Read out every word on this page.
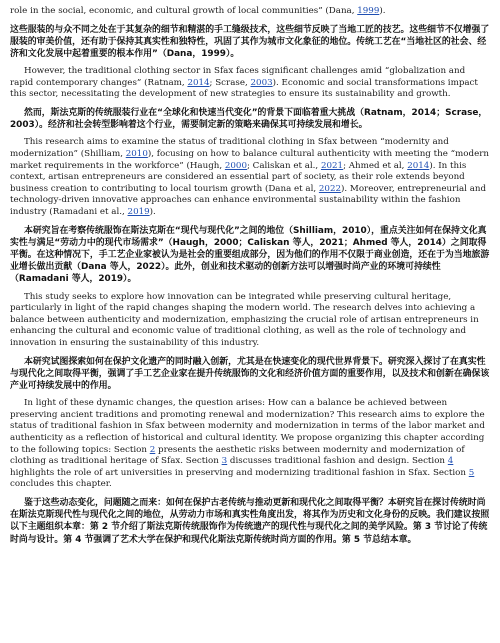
role in the social, economic, and cultural growth of local communities” (Dana, 1999).

这些服装的与众不同之处在于其复杂的细节和精湛的手工缝级技术，这些细节反映了当地工匠的技艺。这些细节不仅增强了服装的审美价值，还有助于保持其真实性和独特性，巩固了其作为城市文化象征的地位。传统工艺在“当地社区的社会、经济和文化发展中起着重要的根本作用”（Dana，1999）。

However, the traditional clothing sector in Sfax faces significant challenges amid “globalization and rapid contemporary changes” (Ratnam, 2014; Scrase, 2003). Economic and social transformations impact this sector, necessitating the development of new strategies to ensure its sustainability and growth.

然而，斯法克斯的传统服装行业在“全球化和快速当代变化”的背景下面临着重大挑战（Ratnam，2014；Scrase，2003）。经济和社会转型影响着这个行业，需要制定新的策略来确保其可持续发展和增长。

This research aims to examine the status of traditional clothing in Sfax between “modernity and modernization” (Shilliam, 2010), focusing on how to balance cultural authenticity with meeting the “modern market requirements in the workforce” (Haugh, 2000; Caliskan et al., 2021; Ahmed et al, 2014). In this context, artisan entrepreneurs are considered an essential part of society, as their role extends beyond business creation to contributing to local tourism growth (Dana et al, 2022). Moreover, entrepreneurial and technology-driven innovative approaches can enhance environmental sustainability within the fashion industry (Ramadani et al., 2019).

本研究旨在考察传统服饰在斯法克斯在“现代与现代化”之间的地位（Shilliam，2010），重点关注如何在保持文化真实性与满足“劳动力中的现代市场需求”（Haugh，2000；Caliskan 等人，2021；Ahmed 等人，2014）之间取得平衡。在这种情况下，手工艺企业家被认为是社会的重要组成部分，因为他们的作用不仅限于商业创造，还在于为当地旅游业增长做出贡献（Dana 等人，2022）。此外，创业和技术驱动的创新方法可以增强时尚产业的环境可持续性（Ramadani 等人，2019）。

This study seeks to explore how innovation can be integrated while preserving cultural heritage, particularly in light of the rapid changes shaping the modern world. The research delves into achieving a balance between authenticity and modernization, emphasizing the crucial role of artisan entrepreneurs in enhancing the cultural and economic value of traditional clothing, as well as the role of technology and innovation in ensuring the sustainability of this industry.

本研究试图探索如何在保护文化遗产的同时融入创新，尤其是在快速变化的现代世界背景下。研究深入探讨了在真实性与现代化之间取得平衡，强调了手工艺企业家在提升传统服饰的文化和经济价值方面的重要作用，以及技术和创新在确保该产业可持续发展中的作用。

In light of these dynamic changes, the question arises: How can a balance be achieved between preserving ancient traditions and promoting renewal and modernization? This research aims to explore the status of traditional fashion in Sfax between modernity and modernization in terms of the labor market and authenticity as a reflection of historical and cultural identity. We propose organizing this chapter according to the following topics: Section 2 presents the aesthetic risks between modernity and modernization of clothing as traditional heritage of Sfax. Section 3 discusses traditional fashion and design. Section 4 highlights the role of art universities in preserving and modernizing traditional fashion in Sfax. Section 5 concludes this chapter.

鉴于这些动态变化，问题随之而来：如何在保护古老传统与推动更新和现代化之间取得平衡？本研究旨在探讨传统时尚在斯法克斯现代性与现代化之间的地位，从劳动力市场和真实性角度出发，将其作为历史和文化身份的反映。我们建议按照以下主题组织本章：第 2 节介绍了斯法克斯传统服饰作为传统遗产的现代性与现代化之间的美学风险。第 3 节讨论了传统时尚与设计。第 4 节强调了艺术大学在保护和现代化斯法克斯传统时尚方面的作用。第 5 节总结本章。
